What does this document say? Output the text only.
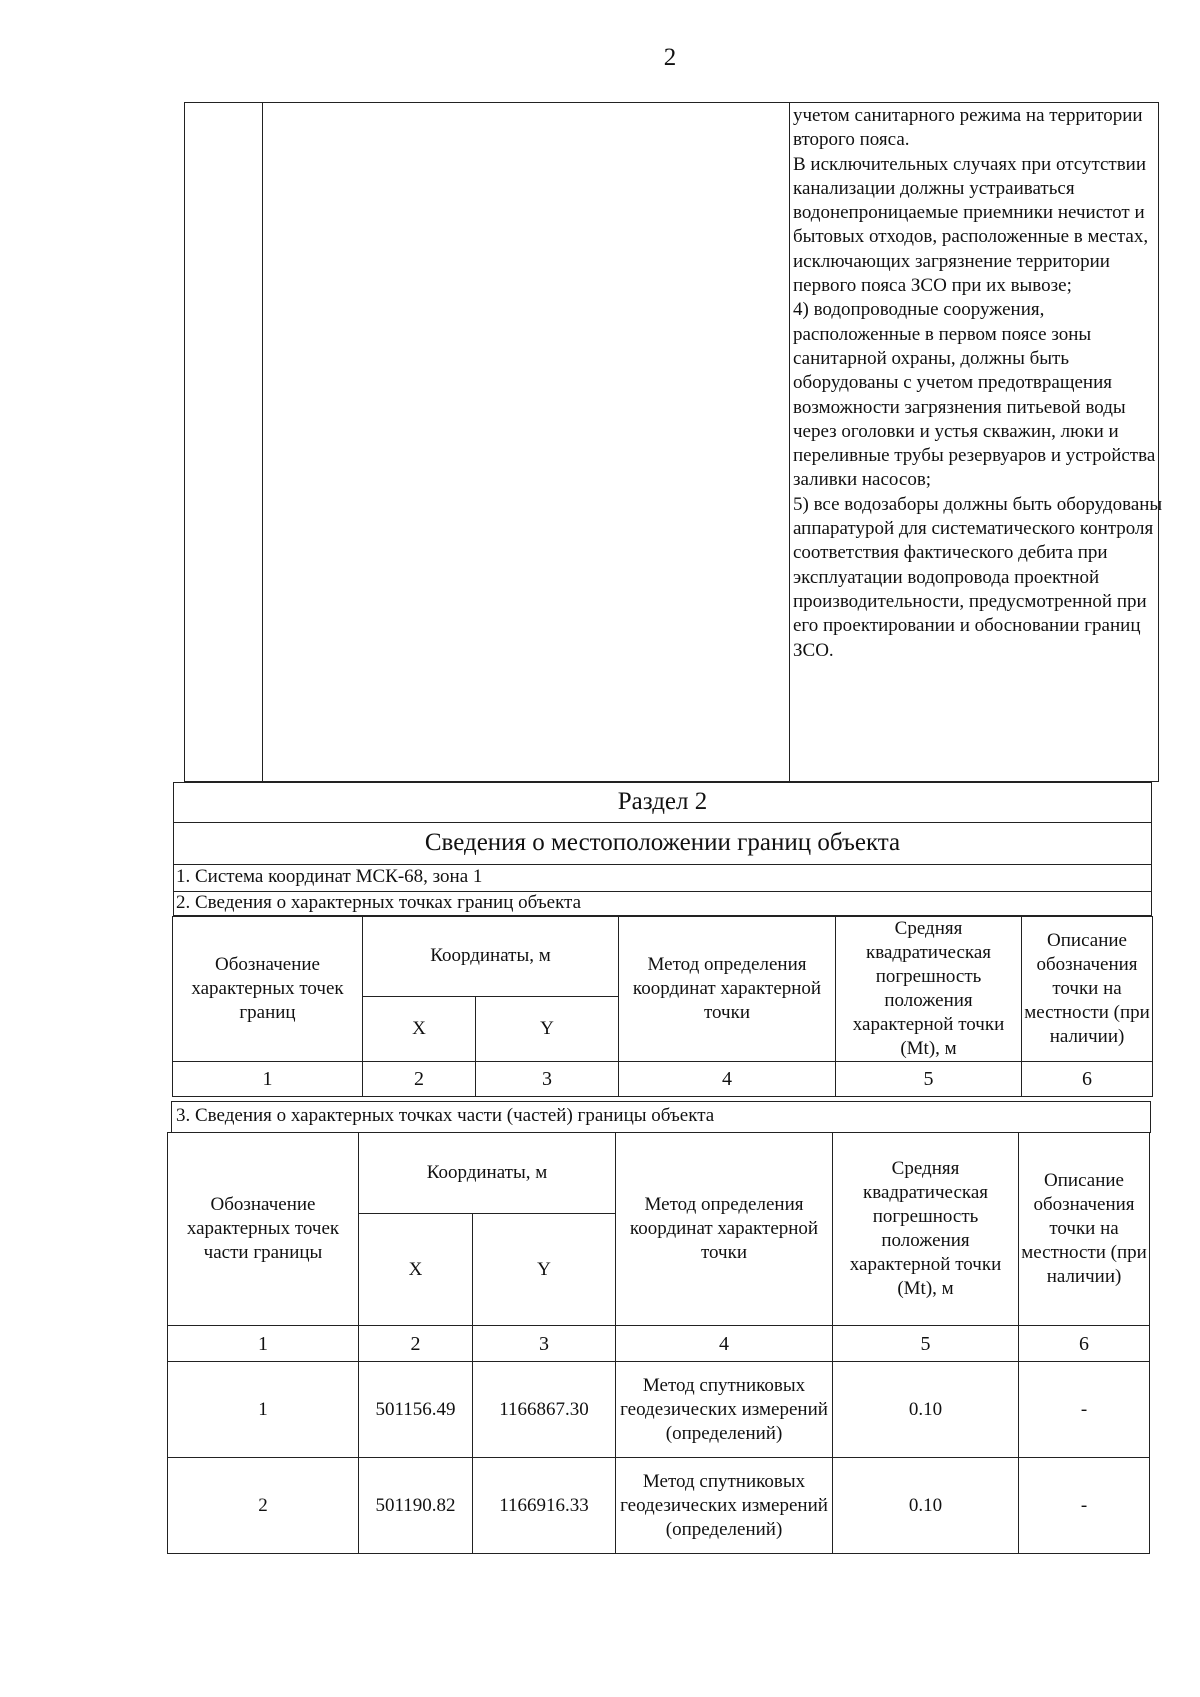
2

учетом санитарного режима на территории второго пояса.

В исключительных случаях при отсутствии канализации должны устраиваться водонепроницаемые приемники нечистот и бытовых отходов, расположенные в местах, исключающих загрязнение территории первого пояса ЗСО при их вывозе;

4) водопроводные сооружения, расположенные в первом поясе зоны санитарной охраны, должны быть оборудованы с учетом предотвращения возможности загрязнения питьевой воды через оголовки и устья скважин, люки и переливные трубы резервуаров и устройства заливки насосов;

5) все водозаборы должны быть оборудованы аппаратурой для систематического контроля соответствия фактического дебита при эксплуатации водопровода проектной производительности, предусмотренной при его проектировании и обосновании границ ЗСО.

Раздел 2
Сведения о местоположении границ объекта
1. Система координат МСК-68, зона 1
2. Сведения о характерных точках границ объекта
Обозначение характерных точек границ	Координаты, м		Метод определения координат характерной точки	Средняя квадратическая погрешность положения характерной точки (Mt), м	Описание обозначения точки на местности (при наличии)
	X	Y			
1	2	3	4	5	6
3. Сведения о характерных точках части (частей) границы объекта
Обозначение характерных точек части границы	Координаты, м		Метод определения координат характерной точки	Средняя квадратическая погрешность положения характерной точки (Mt), м	Описание обозначения точки на местности (при наличии)
	X	Y			
1	2	3	4	5	6
1	501156.49	1166867.30	Метод спутниковых геодезических измерений (определений)	0.10	-
2	501190.82	1166916.33	Метод спутниковых геодезических измерений (определений)	0.10	-
